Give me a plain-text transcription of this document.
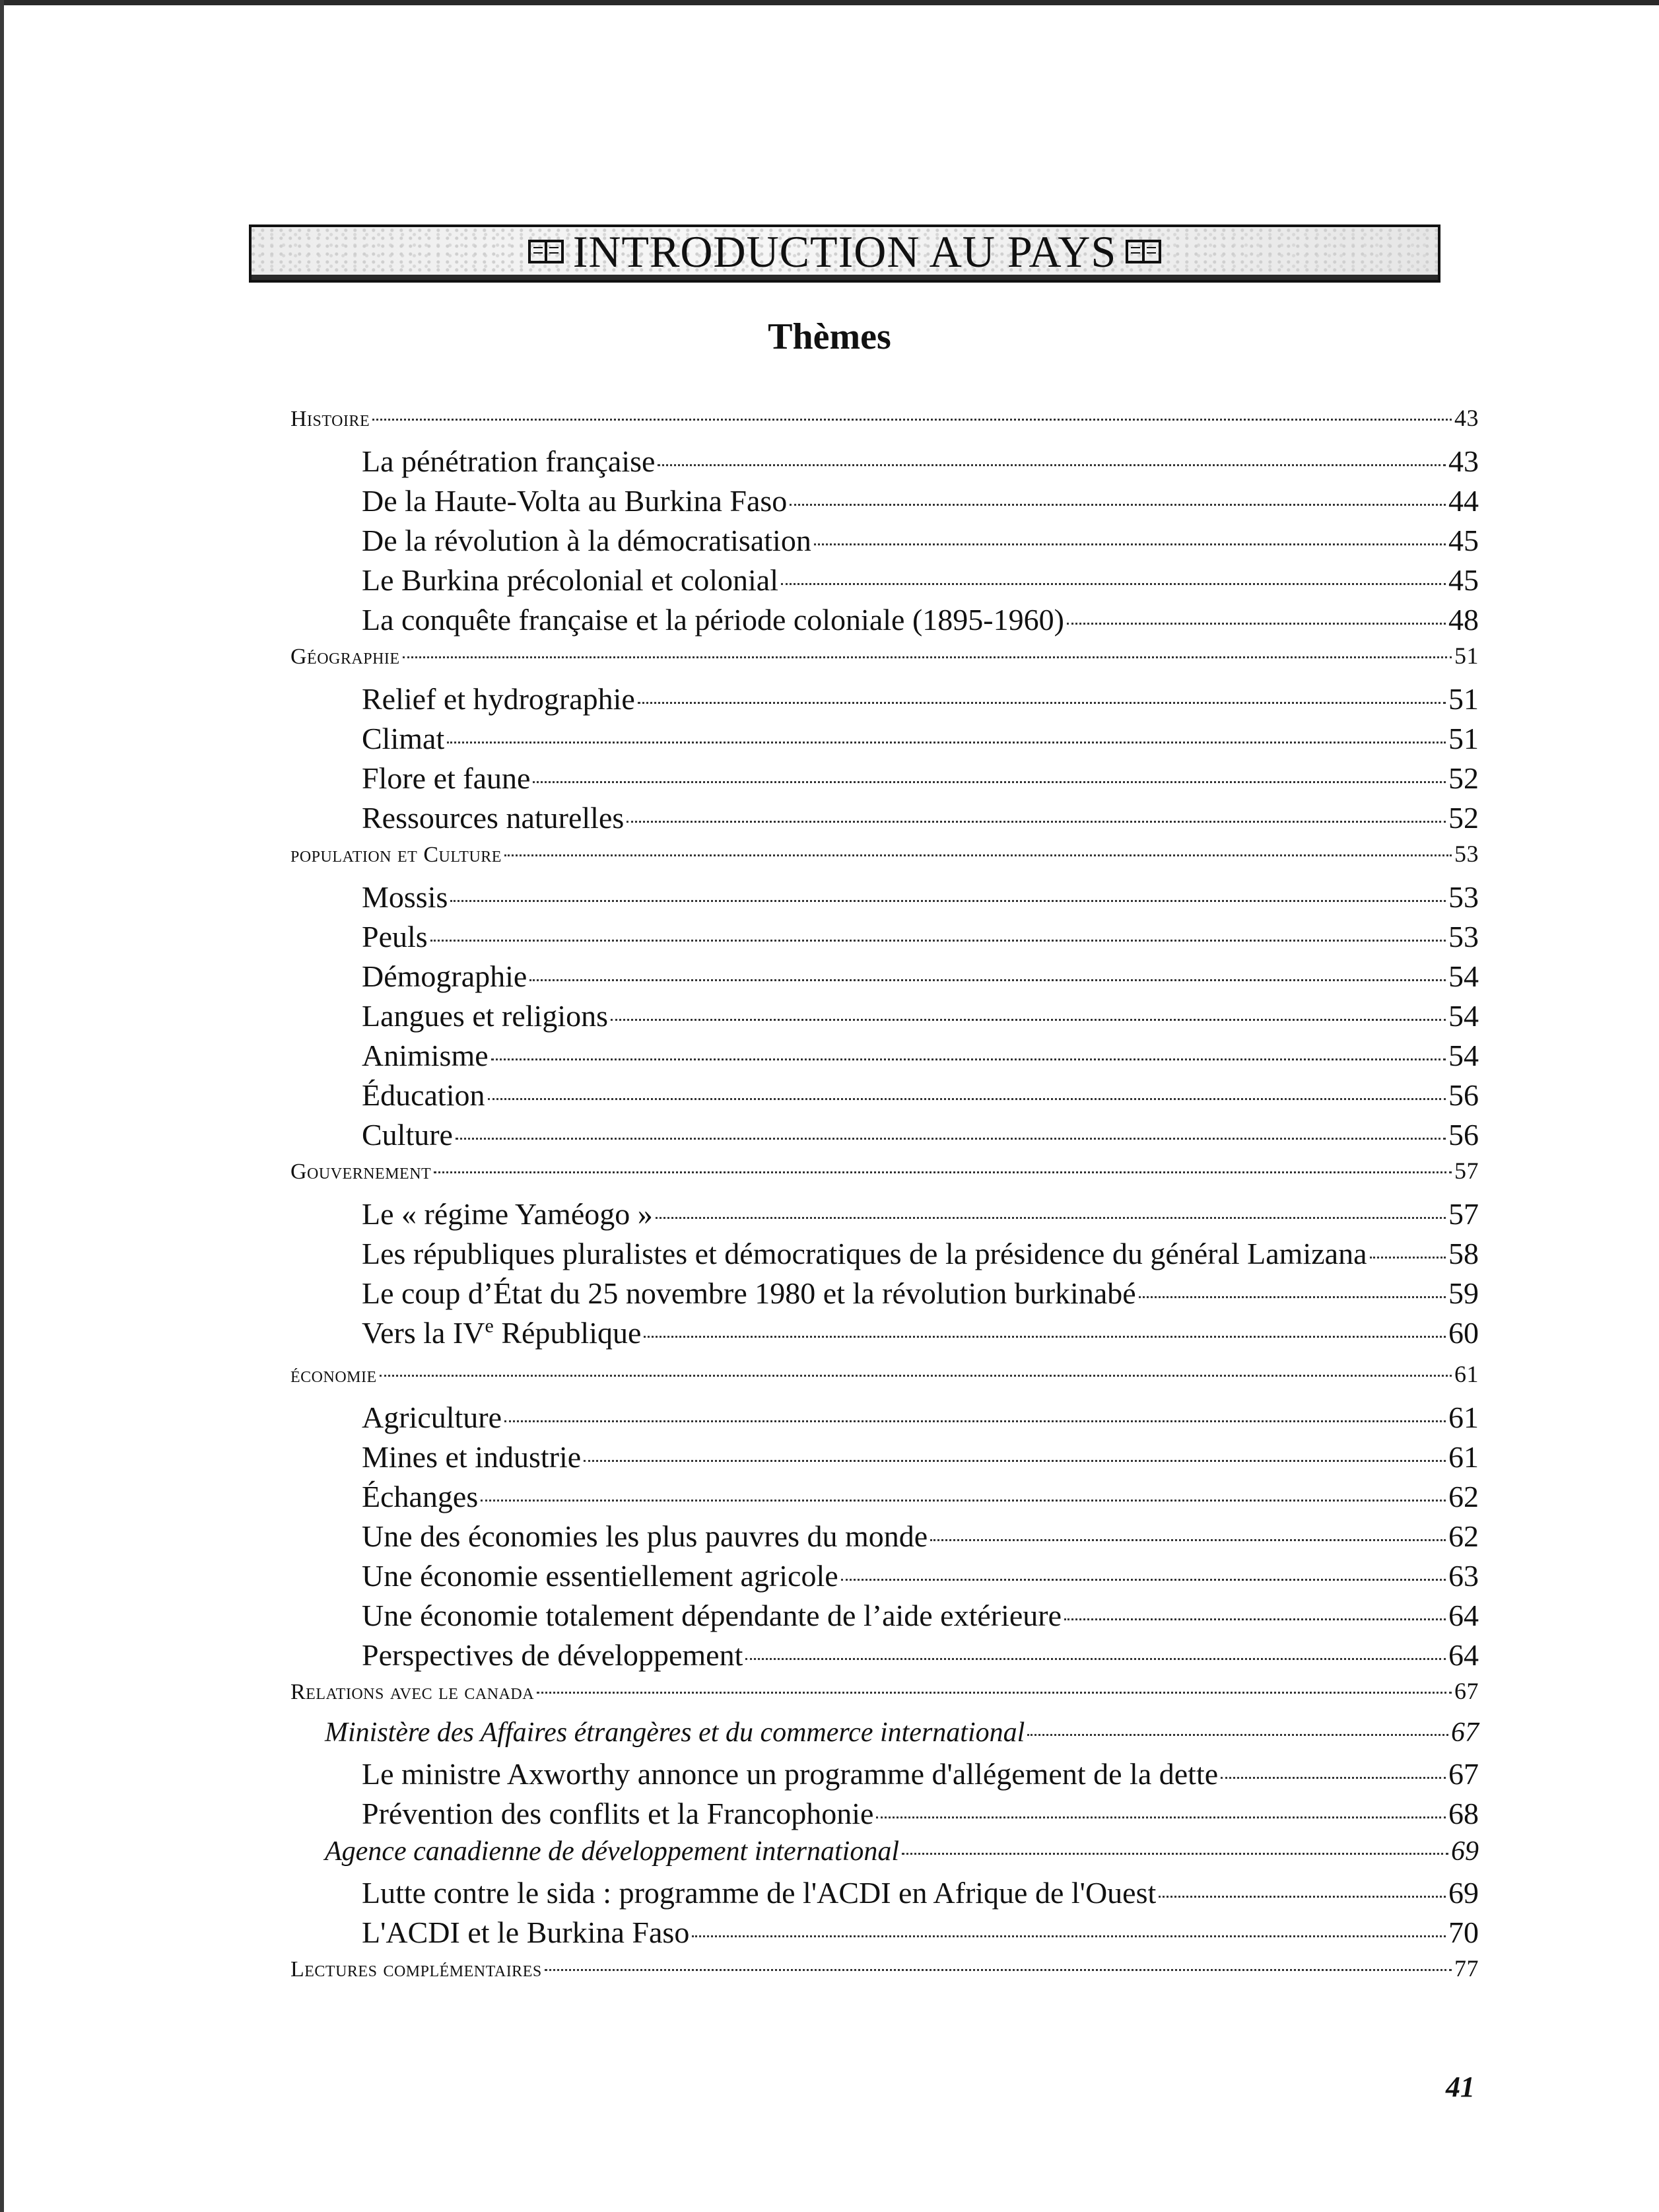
INTRODUCTION AU PAYS
Thèmes
Histoire	43
La pénétration française	43
De la Haute-Volta au Burkina Faso	44
De la révolution à la démocratisation	45
Le Burkina précolonial et colonial	45
La conquête française et la période coloniale (1895-1960)	48
Géographie	51
Relief et hydrographie	51
Climat	51
Flore et faune	52
Ressources naturelles	52
population et Culture	53
Mossis	53
Peuls	53
Démographie	54
Langues et religions	54
Animisme	54
Éducation	56
Culture	56
Gouvernement	57
Le « régime Yaméogo »	57
Les républiques pluralistes et démocratiques de la présidence du général Lamizana	58
Le coup d’État du 25 novembre 1980 et la révolution burkinabé	59
Vers la IVe République	60
économie	61
Agriculture	61
Mines et industrie	61
Échanges	62
Une des économies les plus pauvres du monde	62
Une économie essentiellement agricole	63
Une économie totalement dépendante de l’aide extérieure	64
Perspectives de développement	64
Relations avec le canada	67
Ministère des Affaires étrangères et du commerce international	67
Le ministre Axworthy annonce un programme d'allégement de la dette	67
Prévention des conflits et la Francophonie	68
Agence canadienne de développement international	69
Lutte contre le sida : programme de l'ACDI en Afrique de l'Ouest	69
L'ACDI et le Burkina Faso	70
Lectures complémentaires	77
41
